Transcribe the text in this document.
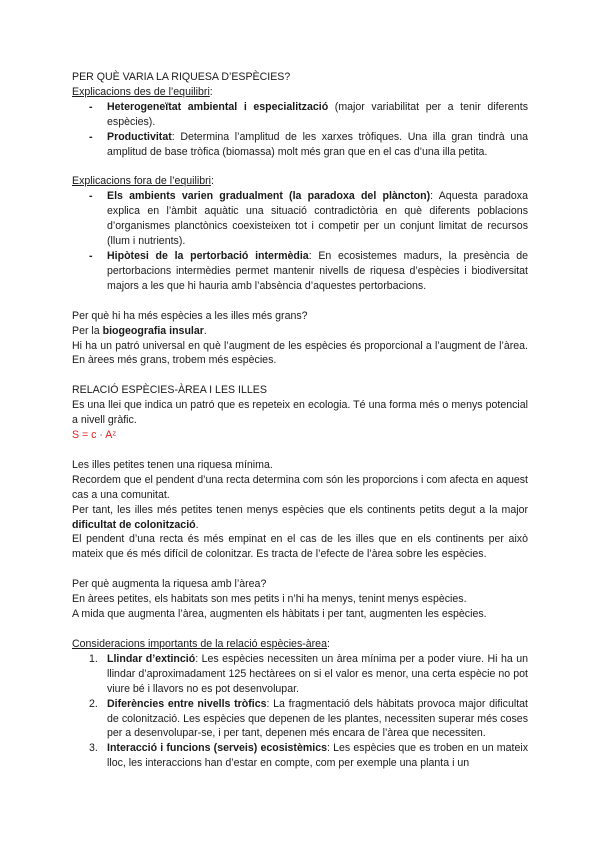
PER QUÈ VARIA LA RIQUESA D’ESPÈCIES?

Explicacions des de l’equilibri:

- Heterogeneïtat ambiental i especialització (major variabilitat per a tenir diferents espècies).
- Productivitat: Determina l’amplitud de les xarxes tròfiques. Una illa gran tindrà una amplitud de base tròfica (biomassa) molt més gran que en el cas d’una illa petita.

Explicacions fora de l’equilibri:

- Els ambients varien gradualment (la paradoxa del plàncton): Aquesta paradoxa explica en l’àmbit aquàtic una situació contradictòria en què diferents poblacions d’organismes planctònics coexisteixen tot i competir per un conjunt limitat de recursos (llum i nutrients).
- Hipòtesi de la pertorbació intermèdia: En ecosistemes madurs, la presència de pertorbacions intermèdies permet mantenir nivells de riquesa d’espècies i biodiversitat majors a les que hi hauria amb l’absència d’aquestes pertorbacions.

Per què hi ha més espècies a les illes més grans?

Per la biogeografia insular.

Hi ha un patró universal en què l’augment de les espècies és proporcional a l’augment de l’àrea. En àrees més grans, trobem més espècies.

RELACIÓ ESPÈCIES-ÀREA I LES ILLES

Es una llei que indica un patró que es repeteix en ecologia. Té una forma més o menys potencial a nivell gràfic.

S = c · Aᶻ

Les illes petites tenen una riquesa mínima.

Recordem que el pendent d’una recta determina com són les proporcions i com afecta en aquest cas a una comunitat.

Per tant, les illes més petites tenen menys espècies que els continents petits degut a la major dificultat de colonització.

El pendent d’una recta és més empinat en el cas de les illes que en els continents per això mateix que és més difícil de colonitzar. Es tracta de l’efecte de l’àrea sobre les espècies.

Per què augmenta la riquesa amb l’àrea?

En àrees petites, els habitats son mes petits i n’hi ha menys, tenint menys espècies.

A mida que augmenta l’àrea, augmenten els hàbitats i per tant, augmenten les espècies.

Consideracions importants de la relació espècies-àrea:

1. Llindar d’extinció: Les espècies necessiten un àrea mínima per a poder viure. Hi ha un llindar d’aproximadament 125 hectàrees on si el valor es menor, una certa espècie no pot viure bé i llavors no es pot desenvolupar.
2. Diferències entre nivells tròfics: La fragmentació dels hàbitats provoca major dificultat de colonització. Les espècies que depenen de les plantes, necessiten superar més coses per a desenvolupar-se, i per tant, depenen més encara de l’àrea que necessiten.
3. Interacció i funcions (serveis) ecosistèmics: Les espècies que es troben en un mateix lloc, les interaccions han d’estar en compte, com per exemple una planta i un
